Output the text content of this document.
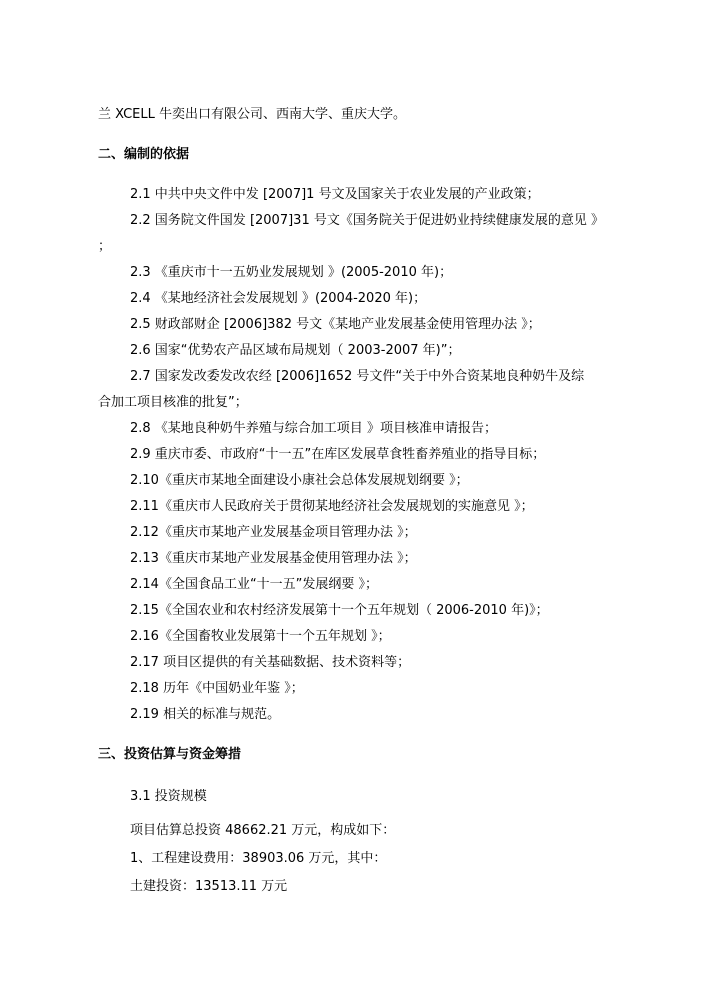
兰 XCELL 牛奕出口有限公司、西南大学、重庆大学。
二、编制的依据
2.1 中共中央文件中发 [2007]1 号文及国家关于农业发展的产业政策；
2.2 国务院文件国发 [2007]31 号文《国务院关于促进奶业持续健康发展的意见 》
；
2.3 《重庆市十一五奶业发展规划 》(2005-2010 年)；
2.4 《某地经济社会发展规划 》(2004-2020 年)；
2.5 财政部财企 [2006]382 号文《某地产业发展基金使用管理办法 》；
2.6 国家“优势农产品区域布局规划（ 2003-2007 年)”；
2.7 国家发改委发改农经 [2006]1652 号文件“关于中外合资某地良种奶牛及综
合加工项目核准的批复”；
2.8 《某地良种奶牛养殖与综合加工项目 》项目核准申请报告；
2.9 重庆市委、市政府“十一五”在库区发展草食牲畜养殖业的指导目标；
2.10《重庆市某地全面建设小康社会总体发展规划纲要 》；
2.11《重庆市人民政府关于贯彻某地经济社会发展规划的实施意见 》；
2.12《重庆市某地产业发展基金项目管理办法 》；
2.13《重庆市某地产业发展基金使用管理办法 》；
2.14《全国食品工业“十一五”发展纲要 》；
2.15《全国农业和农村经济发展第十一个五年规划（ 2006-2010 年)》；
2.16《全国畜牧业发展第十一个五年规划 》；
2.17 项目区提供的有关基础数据、技术资料等；
2.18 历年《中国奶业年鉴 》；
2.19 相关的标准与规范。
三、投资估算与资金筹措
3.1 投资规模
项目估算总投资 48662.21 万元，构成如下：
1、工程建设费用：38903.06 万元，其中：
土建投资：13513.11 万元
